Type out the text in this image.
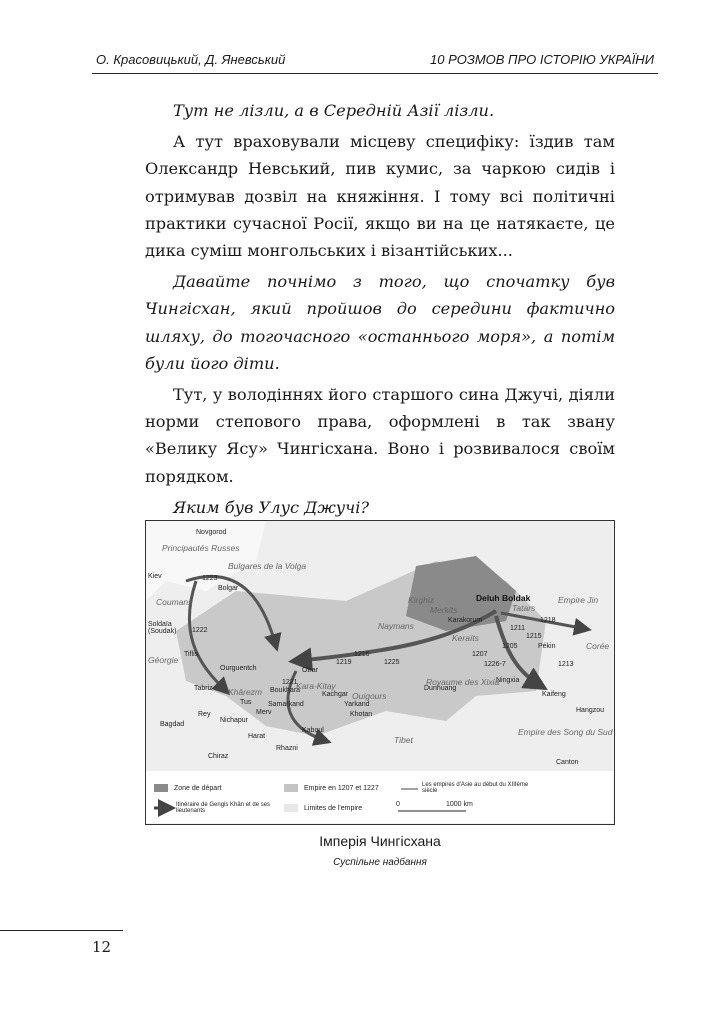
О. Красовицький, Д. Яневський	10 РОЗМОВ ПРО ІСТОРІЮ УКРАЇНИ

Тут не лізли, а в Середній Азії лізли.

А тут враховували місцеву специфіку: їздив там Олександр Невський, пив кумис, за чаркою сидів і отримував дозвіл на княжіння. І тому всі політичні практики сучасної Росії, якщо ви на це натякаєте, це дика суміш монгольських і візантійських...

Давайте почнімо з того, що спочатку був Чингісхан, який пройшов до середини фактично шляху, до тогочасного «останнього моря», а потім були його діти.

Тут, у володіннях його старшого сина Джучі, діяли норми степового права, оформлені в так звану «Велику Ясу» Чингісхана. Воно і розвивалося своїм порядком.

Яким був Улус Джучі?

Novgorod
Kiev
Bolgar
Soldaïa (Soudak)
Tiflis
Tabriz
Rey
Bagdad
Ourguentch
Boukhara
Samarkand
Otrar
Tus
Merv
Nichapur
Harat
Kaboul
Chiraz
Rhazni
Kachgar
Yarkand
Khotan
Karakorum
Dunhuang
Ningxia
Pékin
Kaifeng
Hangzou
Canton
Principautés Russes
Bulgares de la Volga
Coumans
Géorgie
Khârezm
Kara-Kitay
Ouigours
Tibet
Kirghiz
Merkits
Naymans
Keraïts
Tatars
Empire Jin
Corée
Royaume des Xixia
Empire des Song du Sud
Deluh Boldak
1223
1222
1221
1219
1216
1225
1218
1211
1215
1213
1207
1226-7
1205
Zone de départ	Empire en 1207 et 1227	Les empires d'Asie au début du XIIIème siècle
Itinéraire de Gengis Khân et de ses lieutenants	Limites de l'empire
0	1000 km
Імперія Чингісхана
Суспільне надбання
12
